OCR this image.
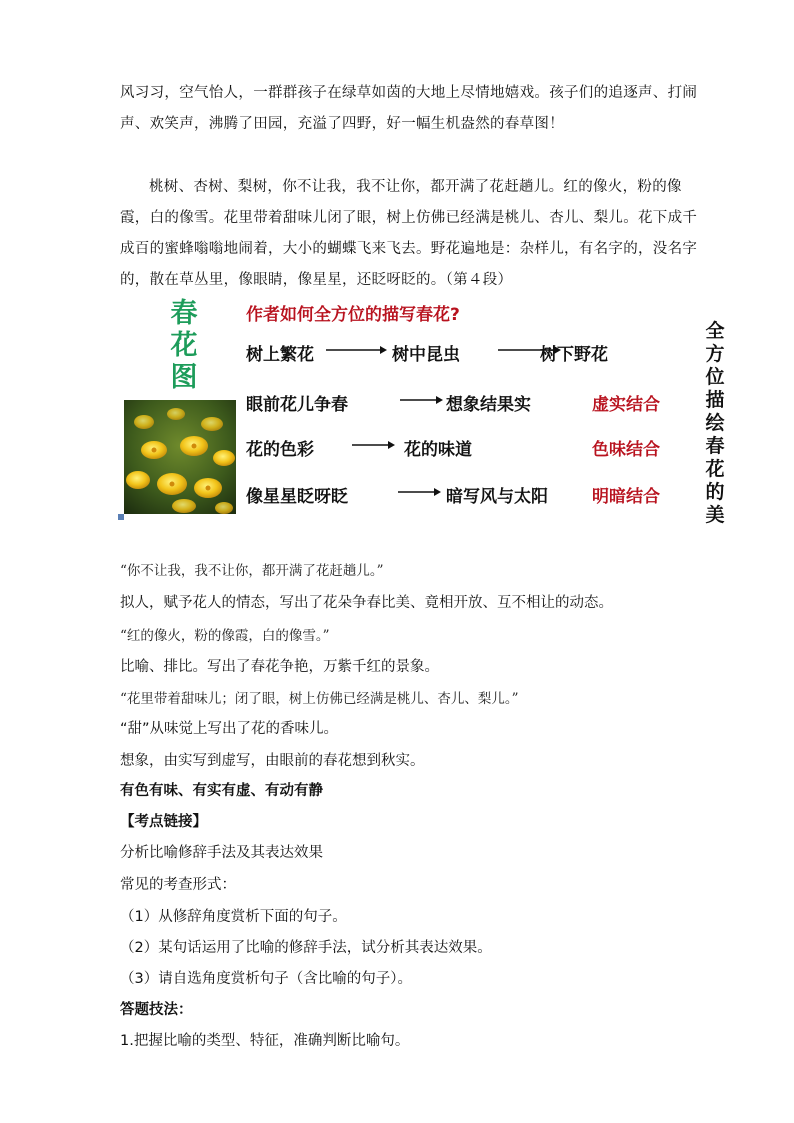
风习习，空气怡人，一群群孩子在绿草如茵的大地上尽情地嬉戏。孩子们的追逐声、打闹声、欢笑声，沸腾了田园，充溢了四野，好一幅生机盎然的春草图！

桃树、杏树、梨树，你不让我，我不让你，都开满了花赶趟儿。红的像火，粉的像霞，白的像雪。花里带着甜味儿闭了眼，树上仿佛已经满是桃儿、杏儿、梨儿。花下成千成百的蜜蜂嗡嗡地闹着，大小的蝴蝶飞来飞去。野花遍地是：杂样儿，有名字的，没名字的，散在草丛里，像眼睛，像星星，还眨呀眨的。（第４段）

春
花
图
作者如何全方位的描写春花?
树上繁花	树中昆虫	树下野花
眼前花儿争春	想象结果实	虚实结合
花的色彩	花的味道	色味结合
像星星眨呀眨	暗写风与太阳	明暗结合
全
方
位
描
绘
春
花
的
美

“你不让我，我不让你，都开满了花赶趟儿。”

拟人，赋予花人的情态，写出了花朵争春比美、竟相开放、互不相让的动态。

“红的像火，粉的像霞，白的像雪。”

比喻、排比。写出了春花争艳，万紫千红的景象。

“花里带着甜味儿；闭了眼，树上仿佛已经满是桃儿、杏儿、梨儿。”

“甜”从味觉上写出了花的香味儿。

想象，由实写到虚写，由眼前的春花想到秋实。

有色有味、有实有虚、有动有静

【考点链接】

分析比喻修辞手法及其表达效果

常见的考查形式：

（1）从修辞角度赏析下面的句子。

（2）某句话运用了比喻的修辞手法，试分析其表达效果。

（3）请自选角度赏析句子（含比喻的句子）。

答题技法：

1.把握比喻的类型、特征，准确判断比喻句。
